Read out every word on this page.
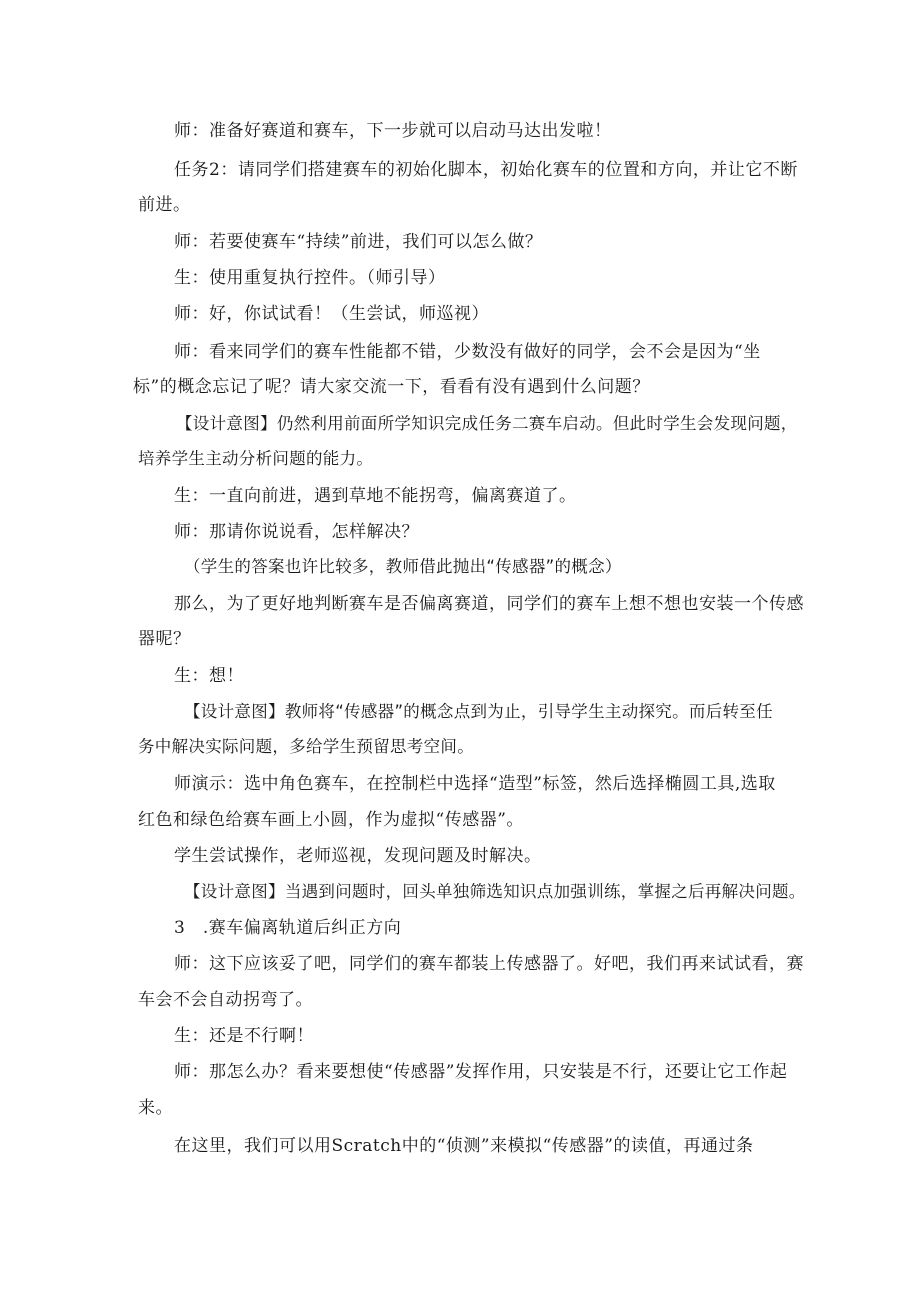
师：准备好赛道和赛车，下一步就可以启动马达出发啦！
任务2：请同学们搭建赛车的初始化脚本，初始化赛车的位置和方向，并让它不断
前进。
师：若要使赛车“持续”前进，我们可以怎么做？
生：使用重复执行控件。（师引导）
师：好，你试试看！（生尝试，师巡视）
师：看来同学们的赛车性能都不错，少数没有做好的同学，会不会是因为“坐
标”的概念忘记了呢？请大家交流一下，看看有没有遇到什么问题？
【设计意图】仍然利用前面所学知识完成任务二赛车启动。但此时学生会发现问题，
培养学生主动分析问题的能力。
生：一直向前进，遇到草地不能拐弯，偏离赛道了。
师：那请你说说看，怎样解决？
（学生的答案也许比较多，教师借此抛出“传感器”的概念）
那么，为了更好地判断赛车是否偏离赛道，同学们的赛车上想不想也安装一个传感
器呢？
生：想！
【设计意图】教师将“传感器”的概念点到为止，引导学生主动探究。而后转至任
务中解决实际问题，多给学生预留思考空间。
师演示：选中角色赛车，在控制栏中选择“造型”标签，然后选择椭圆工具,选取
红色和绿色给赛车画上小圆，作为虚拟“传感器”。
学生尝试操作，老师巡视，发现问题及时解决。
【设计意图】当遇到问题时，回头单独筛选知识点加强训练，掌握之后再解决问题。
3　.赛车偏离轨道后纠正方向
师：这下应该妥了吧，同学们的赛车都装上传感器了。好吧，我们再来试试看，赛
车会不会自动拐弯了。
生：还是不行啊！
师：那怎么办？看来要想使“传感器”发挥作用，只安装是不行，还要让它工作起
来。
在这里，我们可以用Scratch中的“侦测”来模拟“传感器”的读值，再通过条
